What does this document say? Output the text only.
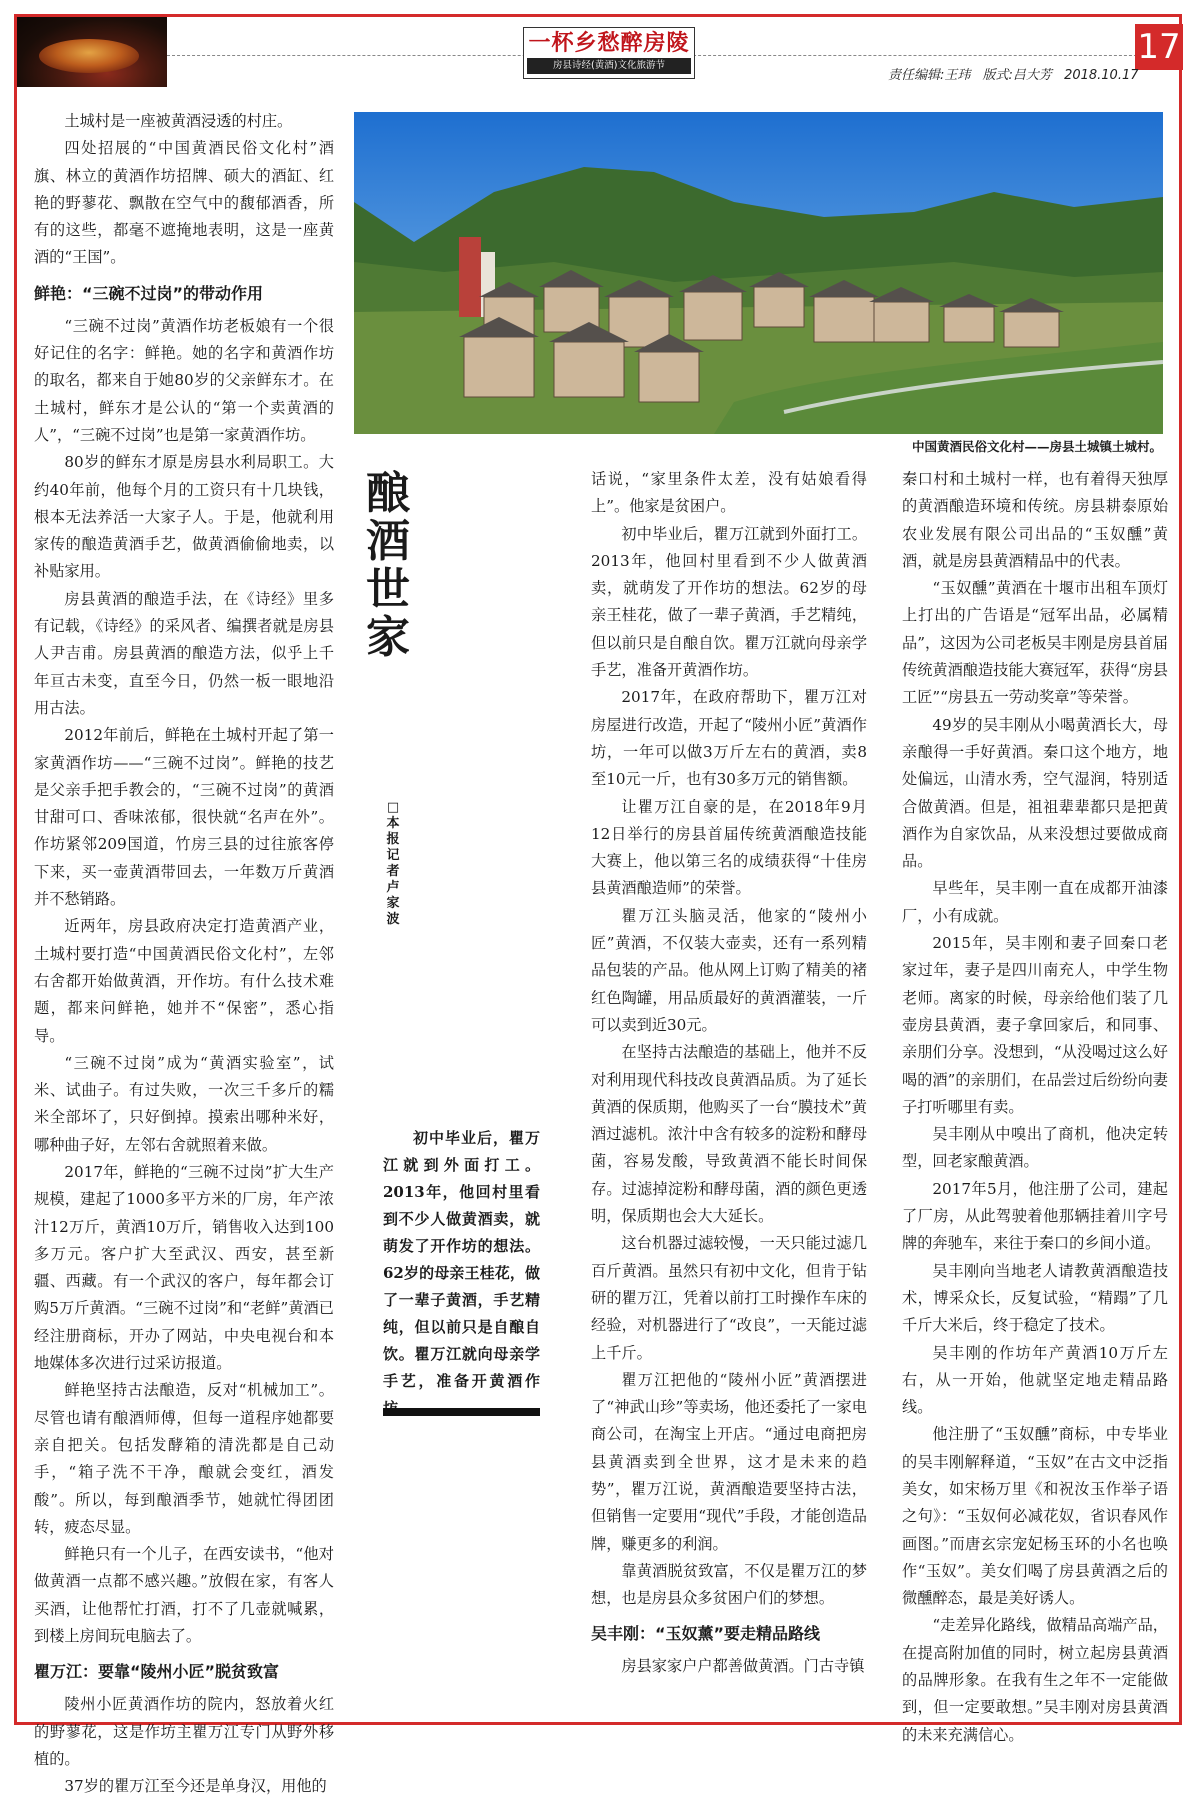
一杯乡愁醉房陵
房县诗经(黄酒)文化旅游节	17
责任编辑:王玮 版式:吕大芳 2018.10.17

土城村是一座被黄酒浸透的村庄。

四处招展的“中国黄酒民俗文化村”酒旗、林立的黄酒作坊招牌、硕大的酒缸、红艳的野蓼花、飘散在空气中的馥郁酒香，所有的这些，都毫不遮掩地表明，这是一座黄酒的“王国”。

鲜艳：“三碗不过岗”的带动作用

“三碗不过岗”黄酒作坊老板娘有一个很好记住的名字：鲜艳。她的名字和黄酒作坊的取名，都来自于她80岁的父亲鲜东才。在土城村，鲜东才是公认的“第一个卖黄酒的人”，“三碗不过岗”也是第一家黄酒作坊。

80岁的鲜东才原是房县水利局职工。大约40年前，他每个月的工资只有十几块钱，根本无法养活一大家子人。于是，他就利用家传的酿造黄酒手艺，做黄酒偷偷地卖，以补贴家用。

房县黄酒的酿造手法，在《诗经》里多有记载，《诗经》的采风者、编撰者就是房县人尹吉甫。房县黄酒的酿造方法，似乎上千年亘古未变，直至今日，仍然一板一眼地沿用古法。

2012年前后，鲜艳在土城村开起了第一家黄酒作坊——“三碗不过岗”。鲜艳的技艺是父亲手把手教会的，“三碗不过岗”的黄酒甘甜可口、香味浓郁，很快就“名声在外”。作坊紧邻209国道，竹房三县的过往旅客停下来，买一壶黄酒带回去，一年数万斤黄酒并不愁销路。

近两年，房县政府决定打造黄酒产业，土城村要打造“中国黄酒民俗文化村”，左邻右舍都开始做黄酒，开作坊。有什么技术难题，都来问鲜艳，她并不“保密”，悉心指导。

“三碗不过岗”成为“黄酒实验室”，试米、试曲子。有过失败，一次三千多斤的糯米全部坏了，只好倒掉。摸索出哪种米好，哪种曲子好，左邻右舍就照着来做。

2017年，鲜艳的“三碗不过岗”扩大生产规模，建起了1000多平方米的厂房，年产浓汁12万斤，黄酒10万斤，销售收入达到100多万元。客户扩大至武汉、西安，甚至新疆、西藏。有一个武汉的客户，每年都会订购5万斤黄酒。“三碗不过岗”和“老鲜”黄酒已经注册商标，开办了网站，中央电视台和本地媒体多次进行过采访报道。

鲜艳坚持古法酿造，反对“机械加工”。尽管也请有酿酒师傅，但每一道程序她都要亲自把关。包括发酵箱的清洗都是自己动手，“箱子洗不干净，酿就会变红，酒发酸”。所以，每到酿酒季节，她就忙得团团转，疲态尽显。

鲜艳只有一个儿子，在西安读书，“他对做黄酒一点都不感兴趣。”放假在家，有客人买酒，让他帮忙打酒，打不了几壶就喊累，到楼上房间玩电脑去了。

瞿万江：要靠“陵州小匠”脱贫致富

陵州小匠黄酒作坊的院内，怒放着火红的野蓼花，这是作坊主瞿万江专门从野外移植的。

37岁的瞿万江至今还是单身汉，用他的

中国黄酒民俗文化村——房县土城镇土城村。
酿
酒
世
家
□
本
报
记
者
卢
家
波
初中毕业后，瞿万江就到外面打工。2013年，他回村里看到不少人做黄酒卖，就萌发了开作坊的想法。62岁的母亲王桂花，做了一辈子黄酒，手艺精纯，但以前只是自酿自饮。瞿万江就向母亲学手艺，准备开黄酒作

话说，“家里条件太差，没有姑娘看得上”。他家是贫困户。

初中毕业后，瞿万江就到外面打工。2013年，他回村里看到不少人做黄酒卖，就萌发了开作坊的想法。62岁的母亲王桂花，做了一辈子黄酒，手艺精纯，但以前只是自酿自饮。瞿万江就向母亲学手艺，准备开黄酒作坊。

2017年，在政府帮助下，瞿万江对房屋进行改造，开起了“陵州小匠”黄酒作坊，一年可以做3万斤左右的黄酒，卖8至10元一斤，也有30多万元的销售额。

让瞿万江自豪的是，在2018年9月12日举行的房县首届传统黄酒酿造技能大赛上，他以第三名的成绩获得“十佳房县黄酒酿造师”的荣誉。

瞿万江头脑灵活，他家的“陵州小匠”黄酒，不仅装大壶卖，还有一系列精品包装的产品。他从网上订购了精美的褚红色陶罐，用品质最好的黄酒灌装，一斤可以卖到近30元。

在坚持古法酿造的基础上，他并不反对利用现代科技改良黄酒品质。为了延长黄酒的保质期，他购买了一台“膜技术”黄酒过滤机。浓汁中含有较多的淀粉和酵母菌，容易发酸，导致黄酒不能长时间保存。过滤掉淀粉和酵母菌，酒的颜色更透明，保质期也会大大延长。

这台机器过滤较慢，一天只能过滤几百斤黄酒。虽然只有初中文化，但肯于钻研的瞿万江，凭着以前打工时操作车床的经验，对机器进行了“改良”，一天能过滤上千斤。

瞿万江把他的“陵州小匠”黄酒摆进了“神武山珍”等卖场，他还委托了一家电商公司，在淘宝上开店。“通过电商把房县黄酒卖到全世界，这才是未来的趋势”，瞿万江说，黄酒酿造要坚持古法，但销售一定要用“现代”手段，才能创造品牌，赚更多的利润。

靠黄酒脱贫致富，不仅是瞿万江的梦想，也是房县众多贫困户们的梦想。

吴丰刚：“玉奴薰”要走精品路线

房县家家户户都善做黄酒。门古寺镇

秦口村和土城村一样，也有着得天独厚的黄酒酿造环境和传统。房县耕泰原始农业发展有限公司出品的“玉奴醺”黄酒，就是房县黄酒精品中的代表。

“玉奴醺”黄酒在十堰市出租车顶灯上打出的广告语是“冠军出品，必属精品”，这因为公司老板吴丰刚是房县首届传统黄酒酿造技能大赛冠军，获得“房县工匠”“房县五一劳动奖章”等荣誉。

49岁的吴丰刚从小喝黄酒长大，母亲酿得一手好黄酒。秦口这个地方，地处偏远，山清水秀，空气湿润，特别适合做黄酒。但是，祖祖辈辈都只是把黄酒作为自家饮品，从来没想过要做成商品。

早些年，吴丰刚一直在成都开油漆厂，小有成就。

2015年，吴丰刚和妻子回秦口老家过年，妻子是四川南充人，中学生物老师。离家的时候，母亲给他们装了几壶房县黄酒，妻子拿回家后，和同事、亲朋们分享。没想到，“从没喝过这么好喝的酒”的亲朋们，在品尝过后纷纷向妻子打听哪里有卖。

吴丰刚从中嗅出了商机，他决定转型，回老家酿黄酒。

2017年5月，他注册了公司，建起了厂房，从此驾驶着他那辆挂着川字号牌的奔驰车，来往于秦口的乡间小道。

吴丰刚向当地老人请教黄酒酿造技术，博采众长，反复试验，“精蹋”了几千斤大米后，终于稳定了技术。

吴丰刚的作坊年产黄酒10万斤左右，从一开始，他就坚定地走精品路线。

他注册了“玉奴醺”商标，中专毕业的吴丰刚解释道，“玉奴”在古文中泛指美女，如宋杨万里《和祝汝玉作举子语之句》：“玉奴何必减花奴，省识春风作画图。”而唐玄宗宠妃杨玉环的小名也唤作“玉奴”。美女们喝了房县黄酒之后的微醺醉态，最是美好诱人。

“走差异化路线，做精品高端产品，在提高附加值的同时，树立起房县黄酒的品牌形象。在我有生之年不一定能做到，但一定要敢想。”吴丰刚对房县黄酒的未来充满信心。
